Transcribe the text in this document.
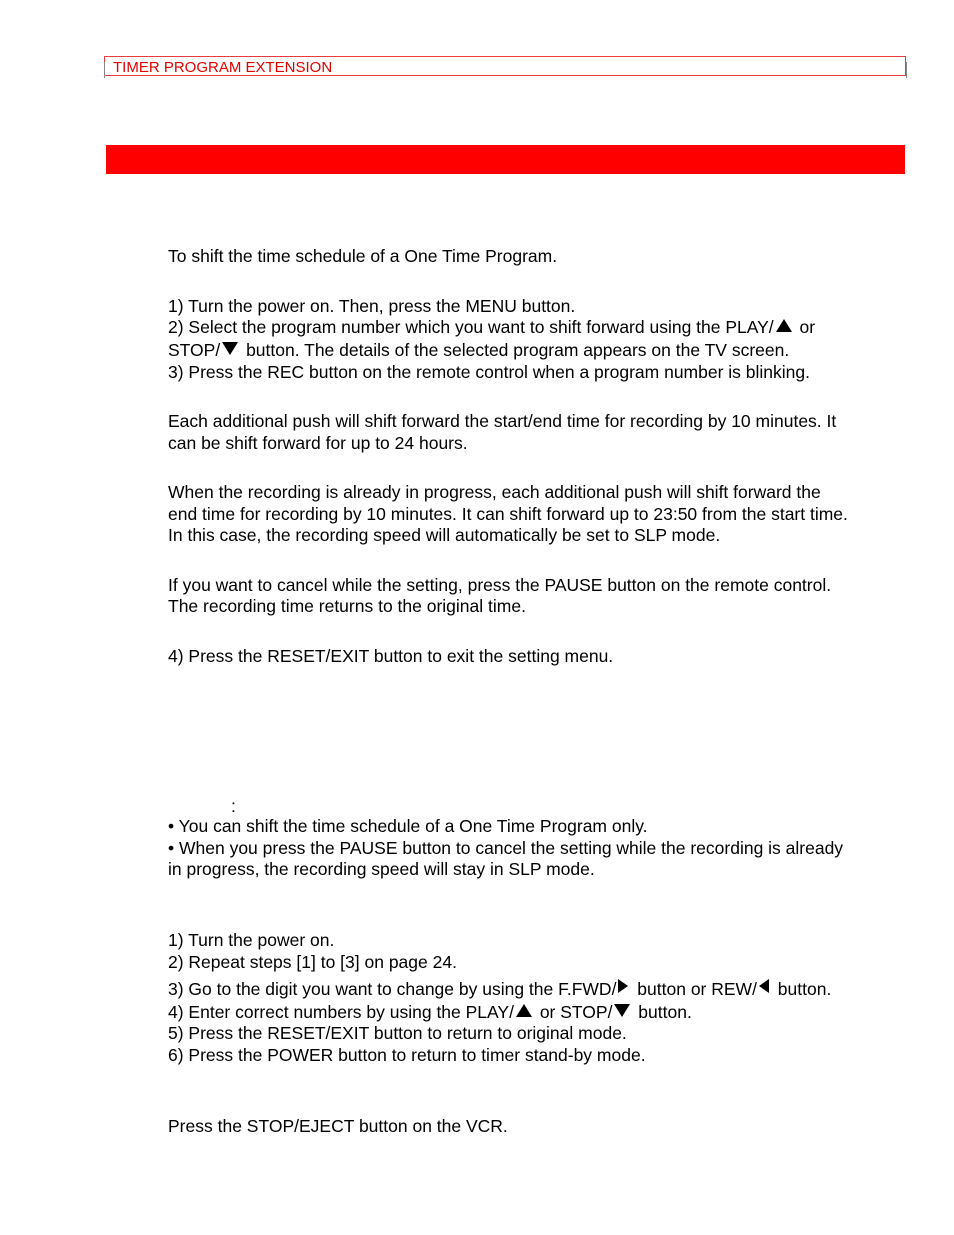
TIMER PROGRAM EXTENSION
To shift the time schedule of a One Time Program.
1) Turn the power on. Then, press the MENU button.
2) Select the program number which you want to shift forward using the PLAY/ or
STOP/ button. The details of the selected program appears on the TV screen.
3) Press the REC button on the remote control when a program number is blinking.
Each additional push will shift forward the start/end time for recording by 10 minutes. It
can be shift forward for up to 24 hours.
When the recording is already in progress, each additional push will shift forward the
end time for recording by 10 minutes. It can shift forward up to 23:50 from the start time.
In this case, the recording speed will automatically be set to SLP mode.
If you want to cancel while the setting, press the PAUSE button on the remote control.
The recording time returns to the original time.
4) Press the RESET/EXIT button to exit the setting menu.
:
• You can shift the time schedule of a One Time Program only.
• When you press the PAUSE button to cancel the setting while the recording is already
in progress, the recording speed will stay in SLP mode.
1) Turn the power on.
2) Repeat steps [1] to [3] on page 24.
3) Go to the digit you want to change by using the F.FWD/ button or REW/ button.
4) Enter correct numbers by using the PLAY/ or STOP/ button.
5) Press the RESET/EXIT button to return to original mode.
6) Press the POWER button to return to timer stand-by mode.
Press the STOP/EJECT button on the VCR.
